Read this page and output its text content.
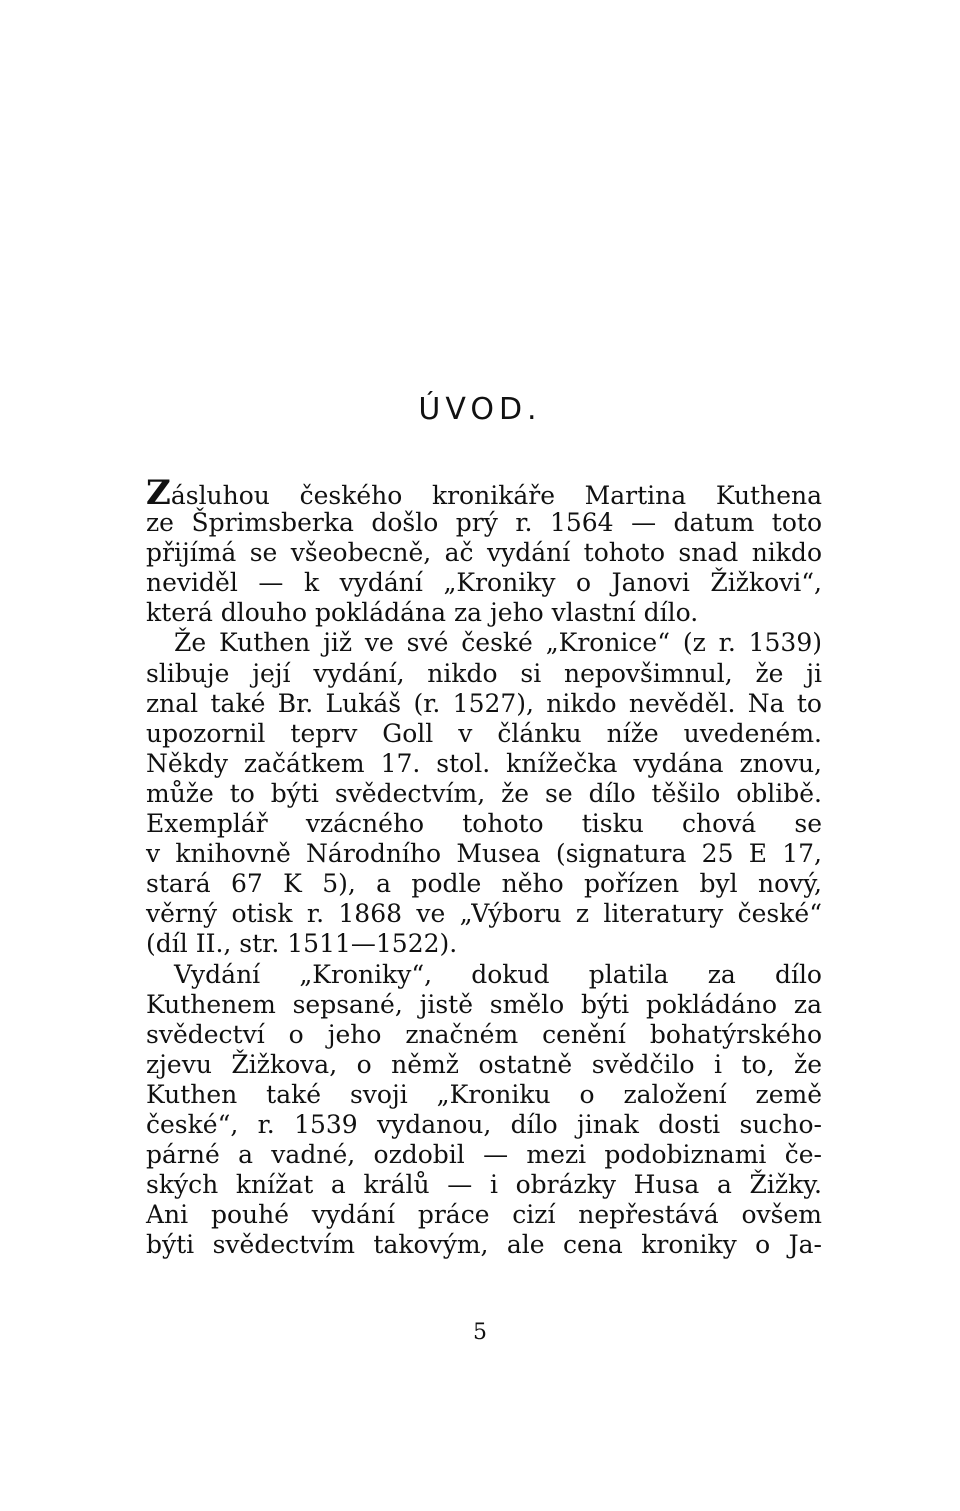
ÚVOD.
Zásluhou českého kronikáře Martina Kuthena
ze Šprimsberka došlo prý r. 1564 — datum toto
přijímá se všeobecně, ač vydání tohoto snad nikdo
neviděl — k vydání „Kroniky o Janovi Žižkovi“,
která dlouho pokládána za jeho vlastní dílo.
Že Kuthen již ve své české „Kronice“ (z r. 1539)
slibuje její vydání, nikdo si nepovšimnul, že ji
znal také Br. Lukáš (r. 1527), nikdo nevěděl. Na to
upozornil teprv Goll v článku níže uvedeném.
Někdy začátkem 17. stol. knížečka vydána znovu,
může to býti svědectvím, že se dílo těšilo oblibě.
Exemplář vzácného tohoto tisku chová se
v knihovně Národního Musea (signatura 25 E 17,
stará 67 K 5), a podle něho pořízen byl nový,
věrný otisk r. 1868 ve „Výboru z literatury české“
(díl II., str. 1511—1522).
Vydání „Kroniky“, dokud platila za dílo
Kuthenem sepsané, jistě smělo býti pokládáno za
svědectví o jeho značném cenění bohatýrského
zjevu Žižkova, o němž ostatně svědčilo i to, že
Kuthen také svoji „Kroniku o založení země
české“, r. 1539 vydanou, dílo jinak dosti sucho-
párné a vadné, ozdobil — mezi podobiznami če-
ských knížat a králů — i obrázky Husa a Žižky.
Ani pouhé vydání práce cizí nepřestává ovšem
býti svědectvím takovým, ale cena kroniky o Ja-
5
